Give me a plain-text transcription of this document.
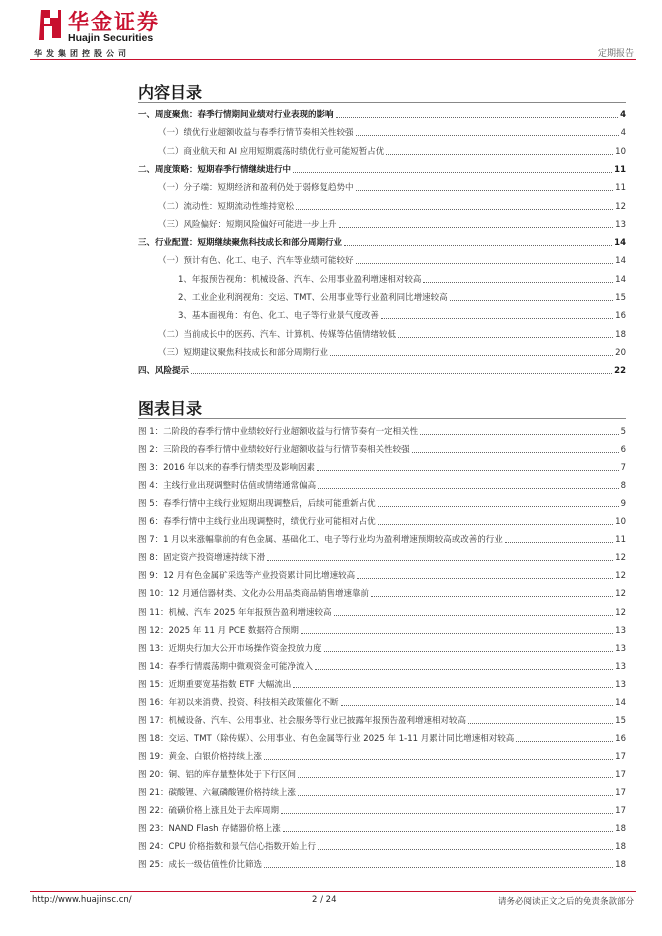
华金证券
Huajin Securities
华发集团控股公司	定期报告
内容目录
一、周度聚焦：春季行情期间业绩对行业表现的影响	4
（一）绩优行业超额收益与春季行情节奏相关性较强	4
（二）商业航天和 AI 应用短期震荡时绩优行业可能短暂占优	10
二、周度策略：短期春季行情继续进行中	11
（一）分子端：短期经济和盈利仍处于弱修复趋势中	11
（二）流动性：短期流动性维持宽松	12
（三）风险偏好：短期风险偏好可能进一步上升	13
三、行业配置：短期继续聚焦科技成长和部分周期行业	14
（一）预计有色、化工、电子、汽车等业绩可能较好	14
1、年报预告视角：机械设备、汽车、公用事业盈利增速相对较高	14
2、工业企业利润视角：交运、TMT、公用事业等行业盈利同比增速较高	15
3、基本面视角：有色、化工、电子等行业景气度改善	16
（二）当前成长中的医药、汽车、计算机、传媒等估值情绪较低	18
（三）短期建议聚焦科技成长和部分周期行业	20
四、风险提示	22
图表目录
图 1：二阶段的春季行情中业绩较好行业超额收益与行情节奏有一定相关性	5
图 2：三阶段的春季行情中业绩较好行业超额收益与行情节奏相关性较强	6
图 3：2016 年以来的春季行情类型及影响因素	7
图 4：主线行业出现调整时估值或情绪通常偏高	8
图 5：春季行情中主线行业短期出现调整后，后续可能重新占优	9
图 6：春季行情中主线行业出现调整时，绩优行业可能相对占优	10
图 7：1 月以来涨幅靠前的有色金属、基础化工、电子等行业均为盈利增速预期较高或改善的行业	11
图 8：固定资产投资增速持续下滑	12
图 9：12 月有色金属矿采选等产业投资累计同比增速较高	12
图 10：12 月通信器材类、文化办公用品类商品销售增速靠前	12
图 11：机械、汽车 2025 年年报预告盈利增速较高	12
图 12：2025 年 11 月 PCE 数据符合预期	13
图 13：近期央行加大公开市场操作资金投放力度	13
图 14：春季行情震荡期中微观资金可能净流入	13
图 15：近期重要宽基指数 ETF 大幅流出	13
图 16：年初以来消费、投资、科技相关政策催化不断	14
图 17：机械设备、汽车、公用事业、社会服务等行业已披露年报预告盈利增速相对较高	15
图 18：交运、TMT（除传媒）、公用事业、有色金属等行业 2025 年 1-11 月累计同比增速相对较高	16
图 19：黄金、白银价格持续上涨	17
图 20：铜、铝的库存量整体处于下行区间	17
图 21：碳酸锂、六氟磷酸锂价格持续上涨	17
图 22：硫磺价格上涨且处于去库周期	17
图 23：NAND Flash 存储器价格上涨	18
图 24：CPU 价格指数和景气信心指数开始上行	18
图 25：成长一级估值性价比筛选	18
http://www.huajinsc.cn/	2 / 24	请务必阅读正文之后的免责条款部分
